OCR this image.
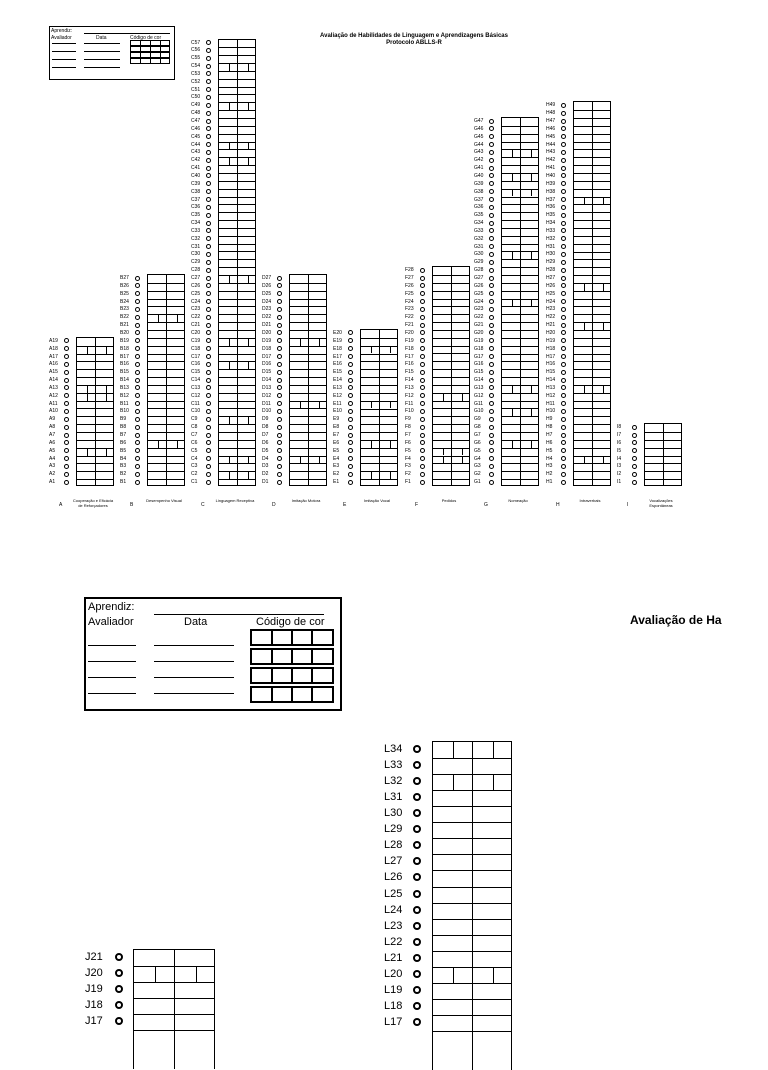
Aprendiz:
Avaliador	Data	Código de cor	Avaliação de Habilidades de Linguagem e Aprendizagens Básicas
Protocolo ABLLS-R
A1
A2
A3
A4
A5
A6
A7
A8
A9
A10
A11
A12
A13
A14
A15
A16
A17
A18
A19
A
Cooperação e Eficácia de Reforçadores
B1
B2
B3
B4
B5
B6
B7
B8
B9
B10
B11
B12
B13
B14
B15
B16
B17
B18
B19
B20
B21
B22
B23
B24
B25
B26
B27
B
Desempenho Visual
C1
C2
C3
C4
C5
C6
C7
C8
C9
C10
C11
C12
C13
C14
C15
C16
C17
C18
C19
C20
C21
C22
C23
C24
C25
C26
C27
C28
C29
C30
C31
C32
C33
C34
C35
C36
C37
C38
C39
C40
C41
C42
C43
C44
C45
C46
C47
C48
C49
C50
C51
C52
C53
C54
C55
C56
C57
C
Linguagem Receptiva
D1
D2
D3
D4
D5
D6
D7
D8
D9
D10
D11
D12
D13
D14
D15
D16
D17
D18
D19
D20
D21
D22
D23
D24
D25
D26
D27
D
Imitação Motora
E1
E2
E3
E4
E5
E6
E7
E8
E9
E10
E11
E12
E13
E14
E15
E16
E17
E18
E19
E20
E
Imitação Vocal
F1
F2
F3
F4
F5
F6
F7
F8
F9
F10
F11
F12
F13
F14
F15
F16
F17
F18
F19
F20
F21
F22
F23
F24
F25
F26
F27
F28
F
Pedidos
G1
G2
G3
G4
G5
G6
G7
G8
G9
G10
G11
G12
G13
G14
G15
G16
G17
G18
G19
G20
G21
G22
G23
G24
G25
G26
G27
G28
G29
G30
G31
G32
G33
G34
G35
G36
G37
G38
G39
G40
G41
G42
G43
G44
G45
G46
G47
G
Nomeação
H1
H2
H3
H4
H5
H6
H7
H8
H9
H10
H11
H12
H13
H14
H15
H16
H17
H18
H19
H20
H21
H22
H23
H24
H25
H26
H27
H28
H29
H30
H31
H32
H33
H34
H35
H36
H37
H38
H39
H40
H41
H42
H43
H44
H45
H46
H47
H48
H49
H
Intraverbais
I1
I2
I3
I4
I5
I6
I7
I8
I
Vocalizações Espontâneas
Aprendiz:
Avaliador	Data	Código de cor	Avaliação de Ha
J21
J20
J19
J18
J17
L34
L33
L32
L31
L30
L29
L28
L27
L26
L25
L24
L23
L22
L21
L20
L19
L18
L17
